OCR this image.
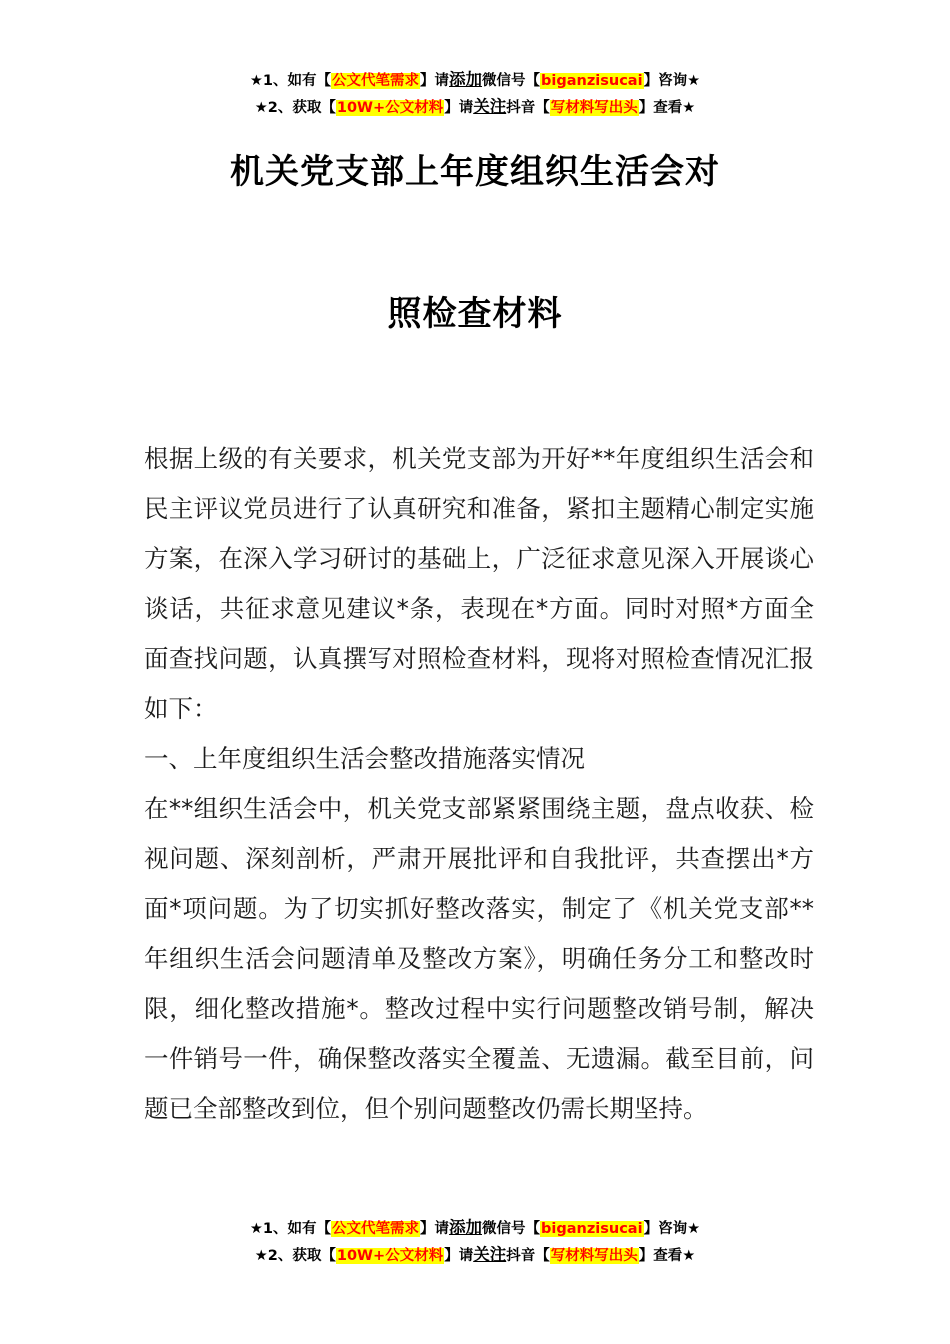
★1、如有【公文代笔需求】请添加微信号【biganzisucai】咨询★
★2、获取【10W+公文材料】请关注抖音【写材料写出头】查看★
机关党支部上年度组织生活会对
照检查材料

根据上级的有关要求，机关党支部为开好**年度组织生活会和民主评议党员进行了认真研究和准备，紧扣主题精心制定实施方案，在深入学习研讨的基础上，广泛征求意见深入开展谈心谈话，共征求意见建议*条，表现在*方面。同时对照*方面全面查找问题，认真撰写对照检查材料，现将对照检查情况汇报如下：

一、上年度组织生活会整改措施落实情况

在**组织生活会中，机关党支部紧紧围绕主题，盘点收获、检视问题、深刻剖析，严肃开展批评和自我批评，共查摆出*方面*项问题。为了切实抓好整改落实，制定了《机关党支部**年组织生活会问题清单及整改方案》，明确任务分工和整改时限，细化整改措施*。整改过程中实行问题整改销号制，解决一件销号一件，确保整改落实全覆盖、无遗漏。截至目前，问题已全部整改到位，但个别问题整改仍需长期坚持。

★1、如有【公文代笔需求】请添加微信号【biganzisucai】咨询★
★2、获取【10W+公文材料】请关注抖音【写材料写出头】查看★
